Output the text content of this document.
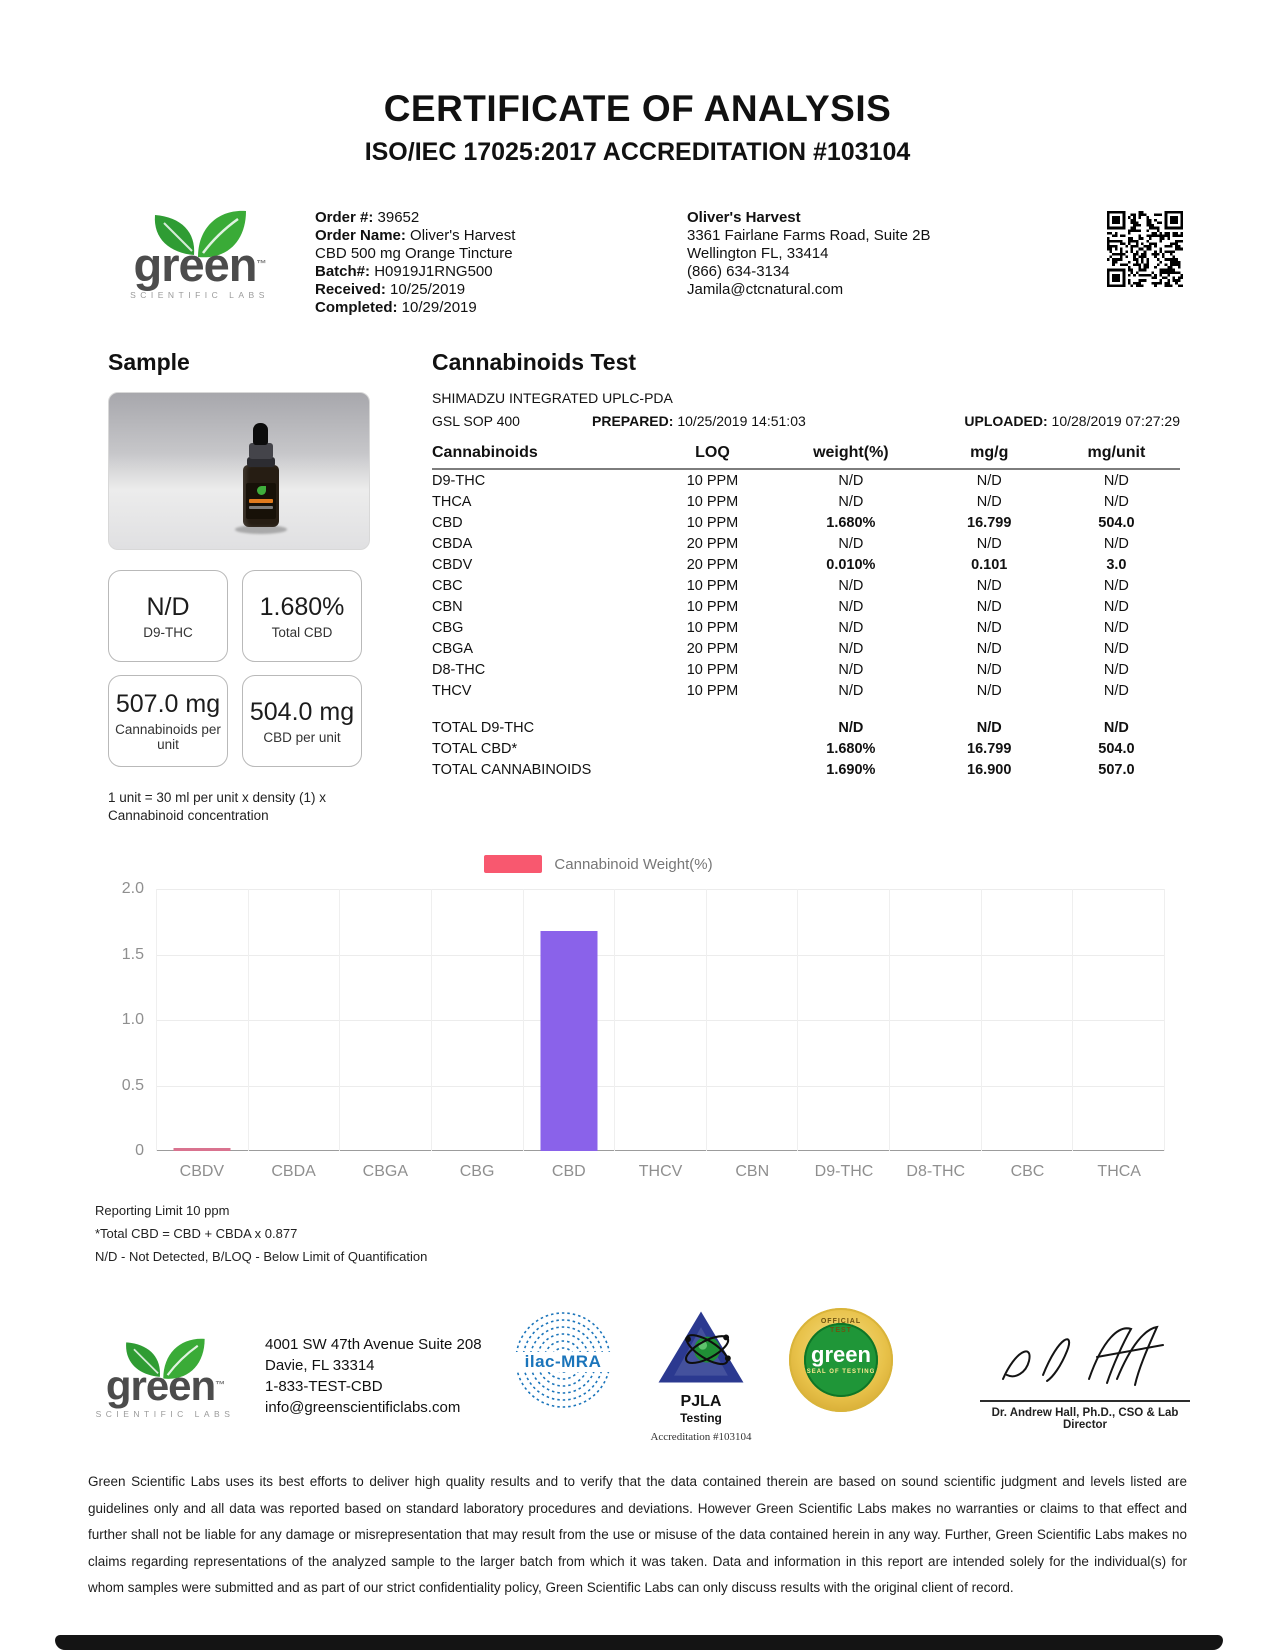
CERTIFICATE OF ANALYSIS
ISO/IEC 17025:2017 ACCREDITATION #103104
green™
SCIENTIFIC LABS
Order #: 39652
Order Name: Oliver's Harvest
CBD 500 mg Orange Tincture
Batch#: H0919J1RNG500
Received: 10/25/2019
Completed: 10/29/2019
Oliver's Harvest
3361 Fairlane Farms Road, Suite 2B
Wellington FL, 33414
(866) 634-3134
Jamila@ctcnatural.com
Sample
N/D
D9-THC
1.680%
Total CBD
507.0 mg
Cannabinoids per unit
504.0 mg
CBD per unit
1 unit = 30 ml per unit x density (1) x
Cannabinoid concentration
Cannabinoids Test
SHIMADZU INTEGRATED UPLC-PDA
GSL SOP 400	PREPARED: 10/25/2019 14:51:03	UPLOADED: 10/28/2019 07:27:29
Cannabinoids	LOQ	weight(%)	mg/g	mg/unit
D9-THC	10 PPM	N/D	N/D	N/D
THCA	10 PPM	N/D	N/D	N/D
CBD	10 PPM	1.680%	16.799	504.0
CBDA	20 PPM	N/D	N/D	N/D
CBDV	20 PPM	0.010%	0.101	3.0
CBC	10 PPM	N/D	N/D	N/D
CBN	10 PPM	N/D	N/D	N/D
CBG	10 PPM	N/D	N/D	N/D
CBGA	20 PPM	N/D	N/D	N/D
D8-THC	10 PPM	N/D	N/D	N/D
THCV	10 PPM	N/D	N/D	N/D

TOTAL D9-THC		N/D	N/D	N/D
TOTAL CBD*		1.680%	16.799	504.0
TOTAL CANNABINOIDS		1.690%	16.900	507.0
Cannabinoid Weight(%)
2.0
1.5
1.0
0.5
0
CBDV	CBDA	CBGA	CBG	CBD	THCV	CBN	D9-THC	D8-THC	CBC	THCA
Reporting Limit 10 ppm
*Total CBD = CBD + CBDA x 0.877
N/D - Not Detected, B/LOQ - Below Limit of Quantification
green™
SCIENTIFIC LABS
4001 SW 47th Avenue Suite 208
Davie, FL 33314
1-833-TEST-CBD
info@greenscientificlabs.com
ilac-MRA
PJLA
Testing
Accreditation #103104
OFFICIAL
TEST
green
SEAL OF TESTING
Dr. Andrew Hall, Ph.D., CSO & Lab Director

Green Scientific Labs uses its best efforts to deliver high quality results and to verify that the data contained therein are based on sound scientific judgment and levels listed are guidelines only and all data was reported based on standard laboratory procedures and deviations. However Green Scientific Labs makes no warranties or claims to that effect and further shall not be liable for any damage or misrepresentation that may result from the use or misuse of the data contained herein in any way. Further, Green Scientific Labs makes no claims regarding representations of the analyzed sample to the larger batch from which it was taken. Data and information in this report are intended solely for the individual(s) for whom samples were submitted and as part of our strict confidentiality policy, Green Scientific Labs can only discuss results with the original client of record.
